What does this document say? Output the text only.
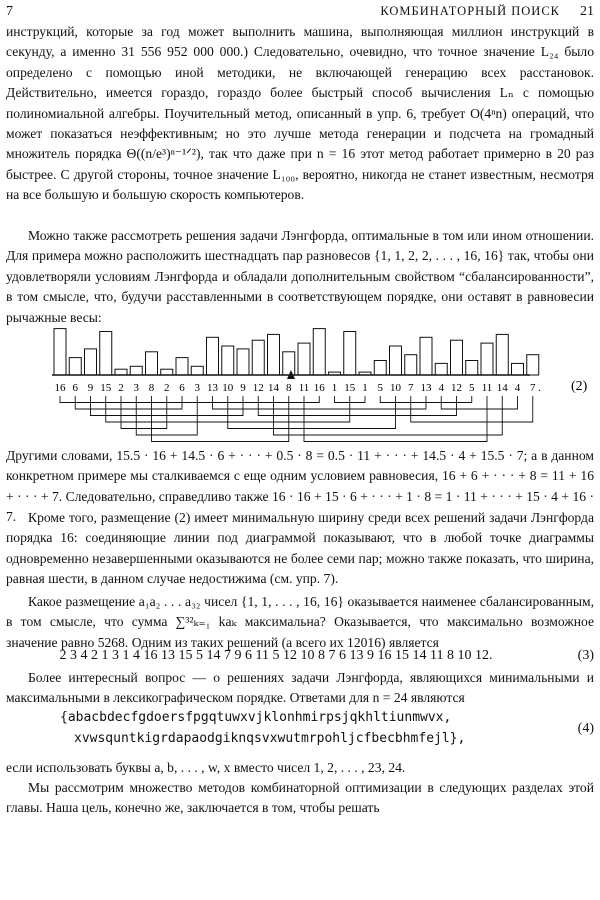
7	КОМБИНАТОРНЫЙ ПОИСК 21

инструкций, которые за год может выполнить машина, выполняющая миллион инструкций в секунду, а именно 31 556 952 000 000.) Следовательно, очевидно, что точное значение L₂₄ было определено с помощью иной методики, не включающей генерацию всех расстановок. Действительно, имеется гораздо, гораздо более быстрый способ вычисления Lₙ с помощью полиномиальной алгебры. Поучительный метод, описанный в упр. 6, требует O(4ⁿn) операций, что может показаться неэффективным; но это лучше метода генерации и подсчета на громадный множитель порядка Θ((n/e³)ⁿ⁻¹ᐟ²), так что даже при n = 16 этот метод работает примерно в 20 раз быстрее. С другой стороны, точное значение L₁₀₀, вероятно, никогда не станет известным, несмотря на все большую и большую скорость компьютеров.

Можно также рассмотреть решения задачи Лэнгфорда, оптимальные в том или ином отношении. Для примера можно расположить шестнадцать пар разновесов {1, 1, 2, 2, . . . , 16, 16} так, чтобы они удовлетворяли условиям Лэнгфорда и обладали дополнительным свойством “сбалансированности”, в том смысле, что, будучи расставленными в соответствующем порядке, они оставят в равновесии рычажные весы:

16 6 9 15 2 3 8 2 6 3 13 10 9 12 14 8 11 16 1 15 1 5 10 7 13 4 12 5 11 14 4 7 . (2)

Другими словами, 15.5 · 16 + 14.5 · 6 + · · · + 0.5 · 8 = 0.5 · 11 + · · · + 14.5 · 4 + 15.5 · 7; а в данном конкретном примере мы сталкиваемся с еще одним условием равновесия, 16 + 6 + · · · + 8 = 11 + 16 + · · · + 7. Следовательно, справедливо также 16 · 16 + 15 · 6 + · · · + 1 · 8 = 1 · 11 + · · · + 15 · 4 + 16 · 7. Кроме того, размещение (2) имеет минимальную ширину среди всех решений задачи Лэнгфорда порядка 16: соединяющие линии под диаграммой показывают, что в любой точке диаграммы одновременно незавершенными оказываются не более семи пар; можно также показать, что ширина, равная шести, в данном случае недостижима (см. упр. 7).

Какое размещение a₁a₂ . . . a₃₂ чисел {1, 1, . . . , 16, 16} оказывается наименее сбалансированным, в том смысле, что сумма ∑³²ₖ₌₁ kaₖ максимальна? Оказывается, что максимально возможное значение равно 5268. Одним из таких решений (а всего их 12016) является

2 3 4 2 1 3 1 4 16 13 15 5 14 7 9 6 11 5 12 10 8 7 6 13 9 16 15 14 11 8 10 12.	(3)

Более интересный вопрос — о решениях задачи Лэнгфорда, являющихся минимальными и максимальными в лексикографическом порядке. Ответами для n = 24 являются

{abacbdecfgdoersfpgqtuwxvjklonhmirpsjqkhltiunmwvx,
xvwsquntkigrdapaodgiknqsvxwutmrpohljcfbecbhmfejl},
(4)

если использовать буквы a, b, . . . , w, x вместо чисел 1, 2, . . . , 23, 24.

Мы рассмотрим множество методов комбинаторной оптимизации в следующих разделах этой главы. Наша цель, конечно же, заключается в том, чтобы решать
